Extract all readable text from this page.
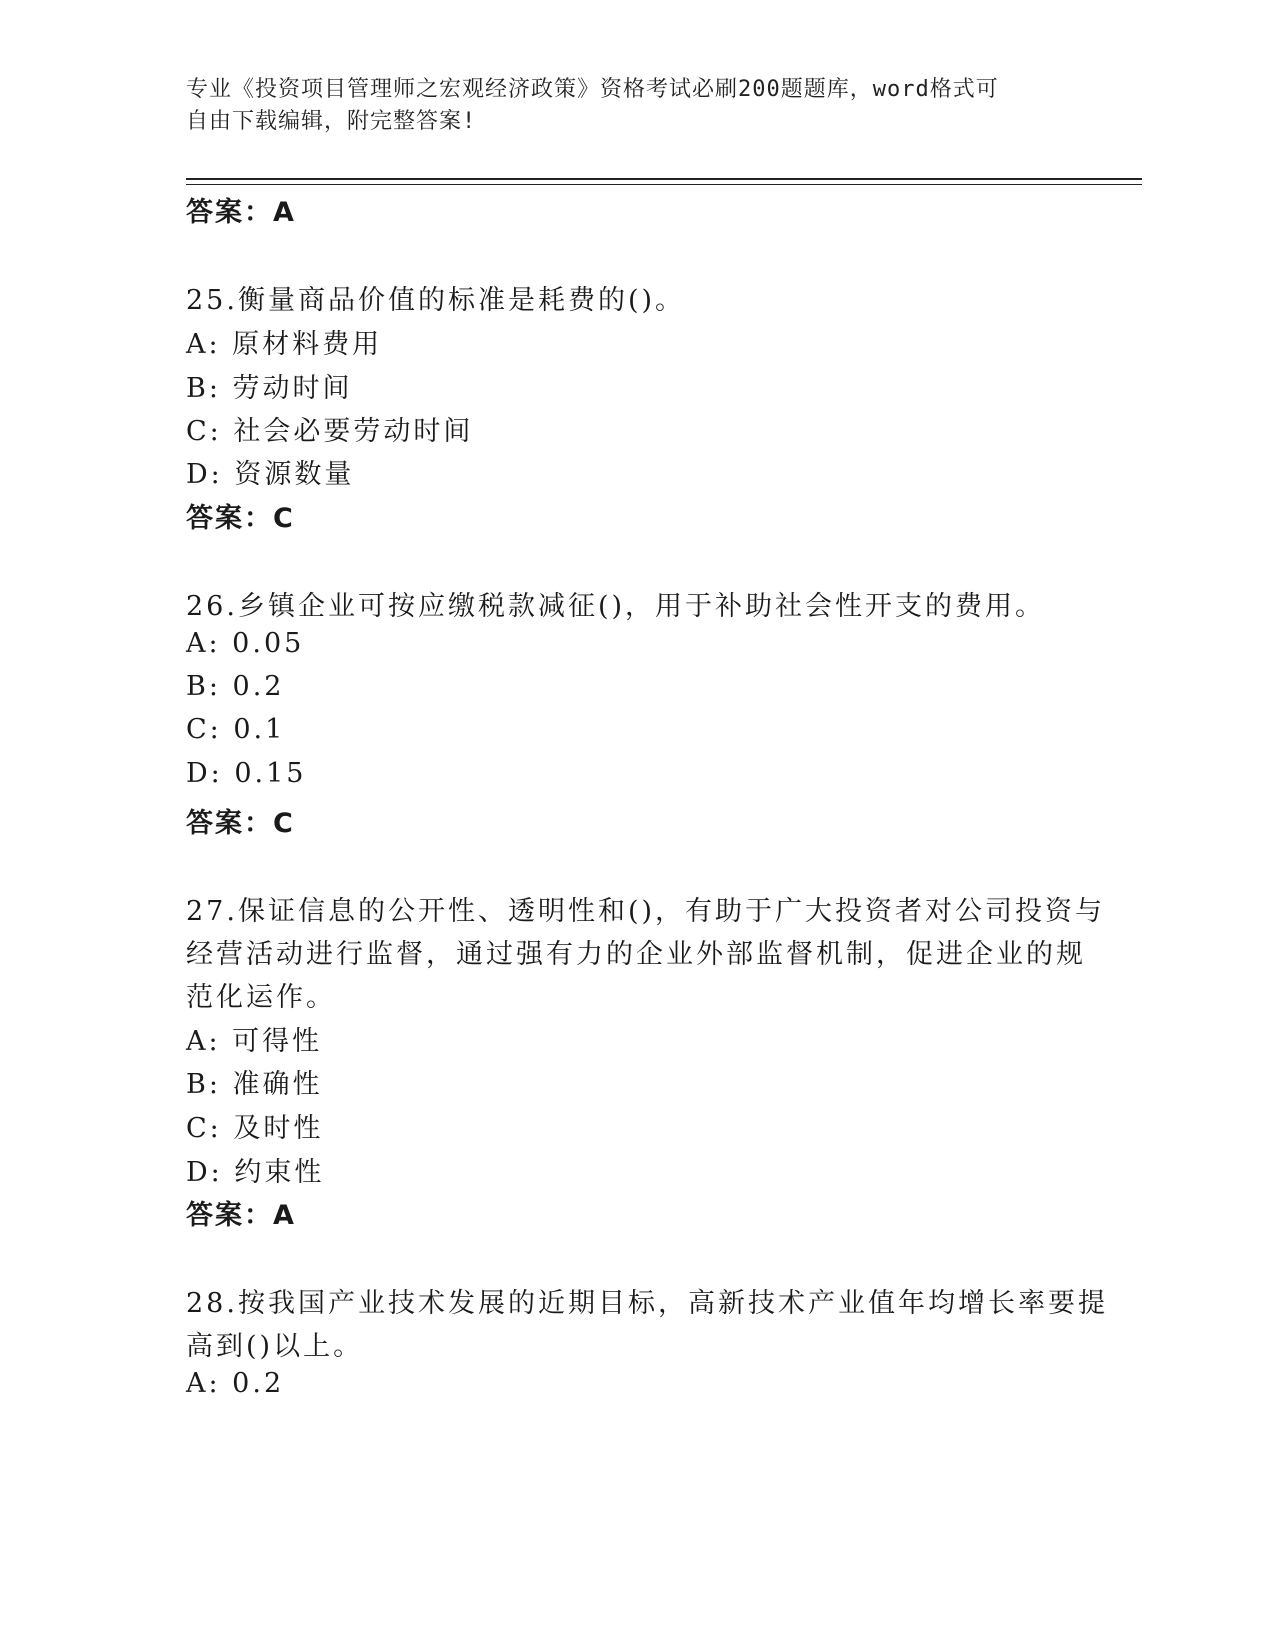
专业《投资项目管理师之宏观经济政策》资格考试必刷200题题库，word格式可
自由下载编辑，附完整答案!
答案：A
25.衡量商品价值的标准是耗费的()。
A: 原材料费用
B: 劳动时间
C: 社会必要劳动时间
D: 资源数量
答案：C
26.乡镇企业可按应缴税款减征()，用于补助社会性开支的费用。
A: 0.05
B: 0.2
C: 0.1
D: 0.15
答案：C
27.保证信息的公开性、透明性和()，有助于广大投资者对公司投资与
经营活动进行监督，通过强有力的企业外部监督机制，促进企业的规
范化运作。
A: 可得性
B: 准确性
C: 及时性
D: 约束性
答案：A
28.按我国产业技术发展的近期目标，高新技术产业值年均增长率要提
高到()以上。
A: 0.2
